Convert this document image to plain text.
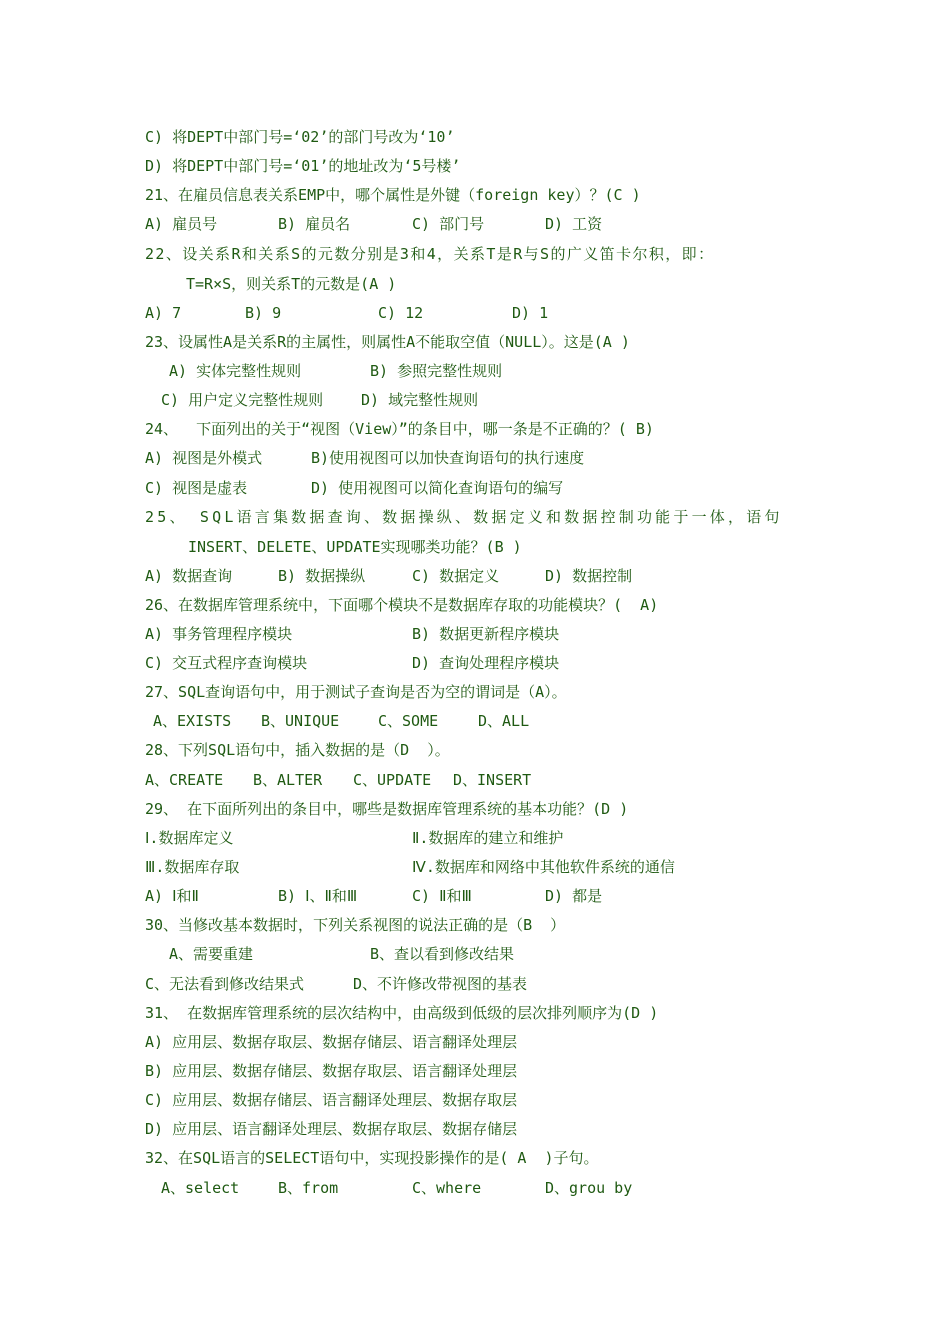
C) 将DEPT中部门号=‘02’的部门号改为‘10’
D) 将DEPT中部门号=‘01’的地址改为‘5号楼’
21、在雇员信息表关系EMP中，哪个属性是外键（foreign key）？(C )
A) 雇员号	B) 雇员名	C) 部门号	D) 工资
22、设关系R和关系S的元数分别是3和4，关系T是R与S的广义笛卡尔积，即：
T=R×S，则关系T的元数是(A )
A) 7	B) 9	C) 12	D) 1
23、设属性A是关系R的主属性，则属性A不能取空值（NULL）。这是(A )
A) 实体完整性规则	B) 参照完整性规则
C) 用户定义完整性规则	D) 域完整性规则
24、  下面列出的关于“视图（View）”的条目中，哪一条是不正确的？( B)
A) 视图是外模式	B)使用视图可以加快查询语句的执行速度
C) 视图是虚表	D) 使用视图可以简化查询语句的编写
25、 SQL语言集数据查询、数据操纵、数据定义和数据控制功能于一体，语句
INSERT、DELETE、UPDATE实现哪类功能？(B )
A) 数据查询	B) 数据操纵	C) 数据定义	D) 数据控制
26、在数据库管理系统中，下面哪个模块不是数据库存取的功能模块？(  A)
A) 事务管理程序模块	B) 数据更新程序模块
C) 交互式程序查询模块	D) 查询处理程序模块
27、SQL查询语句中，用于测试子查询是否为空的谓词是（A）。
A、EXISTS B、UNIQUE	C、SOME	D、ALL
28、下列SQL语句中，插入数据的是（D  ）。
A、CREATE B、ALTER C、UPDATE D、INSERT
29、 在下面所列出的条目中，哪些是数据库管理系统的基本功能？(D )
Ⅰ.数据库定义	Ⅱ.数据库的建立和维护
Ⅲ.数据库存取	Ⅳ.数据库和网络中其他软件系统的通信
A) Ⅰ和Ⅱ	B) Ⅰ、Ⅱ和Ⅲ	C) Ⅱ和Ⅲ	D) 都是
30、当修改基本数据时，下列关系视图的说法正确的是（B  ）
A、需要重建	B、查以看到修改结果
C、无法看到修改结果式	D、不许修改带视图的基表
31、 在数据库管理系统的层次结构中，由高级到低级的层次排列顺序为(D )
A) 应用层、数据存取层、数据存储层、语言翻译处理层
B) 应用层、数据存储层、数据存取层、语言翻译处理层
C) 应用层、数据存储层、语言翻译处理层、数据存取层
D) 应用层、语言翻译处理层、数据存取层、数据存储层
32、在SQL语言的SELECT语句中，实现投影操作的是( A  )子句。
A、select	B、from	C、where	D、grou by
